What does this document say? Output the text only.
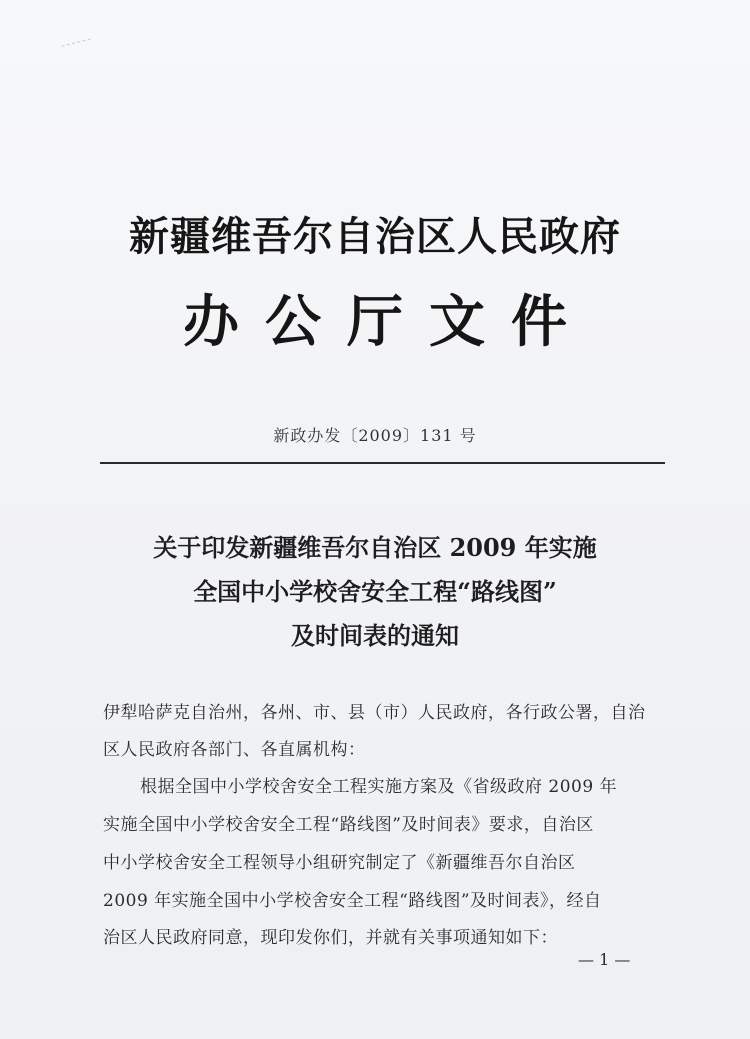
新疆维吾尔自治区人民政府
办公厅文件
新政办发〔2009〕131 号
关于印发新疆维吾尔自治区 2009 年实施
全国中小学校舍安全工程“路线图”
及时间表的通知
伊犁哈萨克自治州，各州、市、县（市）人民政府，各行政公署，自治
区人民政府各部门、各直属机构：
根据全国中小学校舍安全工程实施方案及《省级政府 2009 年
实施全国中小学校舍安全工程“路线图”及时间表》要求，自治区
中小学校舍安全工程领导小组研究制定了《新疆维吾尔自治区
2009 年实施全国中小学校舍安全工程“路线图”及时间表》，经自
治区人民政府同意，现印发你们，并就有关事项通知如下：
— 1 —
